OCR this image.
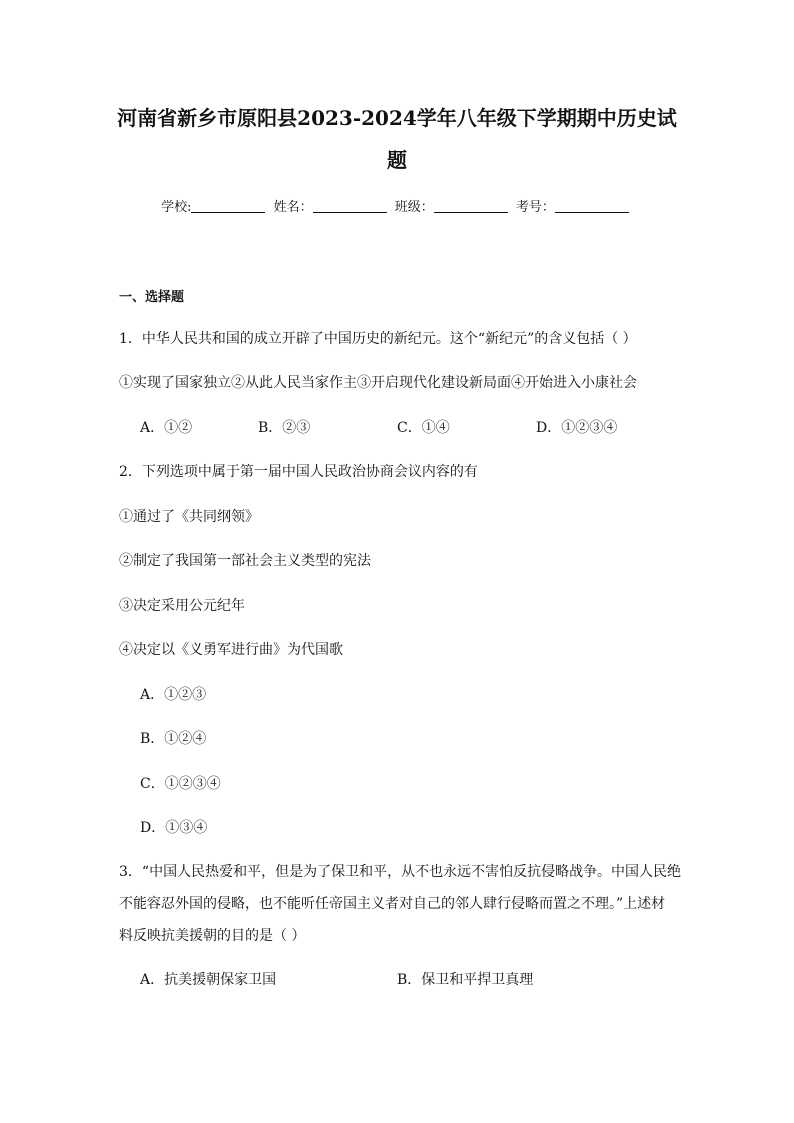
河南省新乡市原阳县2023-2024学年八年级下学期期中历史试
题
学校:	姓名：	班级：	考号：
一、选择题
1．中华人民共和国的成立开辟了中国历史的新纪元。这个“新纪元”的含义包括（ ）
①实现了国家独立②从此人民当家作主③开启现代化建设新局面④开始进入小康社会
A．①②	B．②③	C．①④	D．①②③④
2．下列选项中属于第一届中国人民政治协商会议内容的有
①通过了《共同纲领》
②制定了我国第一部社会主义类型的宪法
③决定采用公元纪年
④决定以《义勇军进行曲》为代国歌
A．①②③
B．①②④
C．①②③④
D．①③④
3．“中国人民热爱和平，但是为了保卫和平，从不也永远不害怕反抗侵略战争。中国人民绝
不能容忍外国的侵略，也不能听任帝国主义者对自己的邻人肆行侵略而置之不理。”上述材
料反映抗美援朝的目的是（ ）
A．抗美援朝保家卫国	B．保卫和平捍卫真理
